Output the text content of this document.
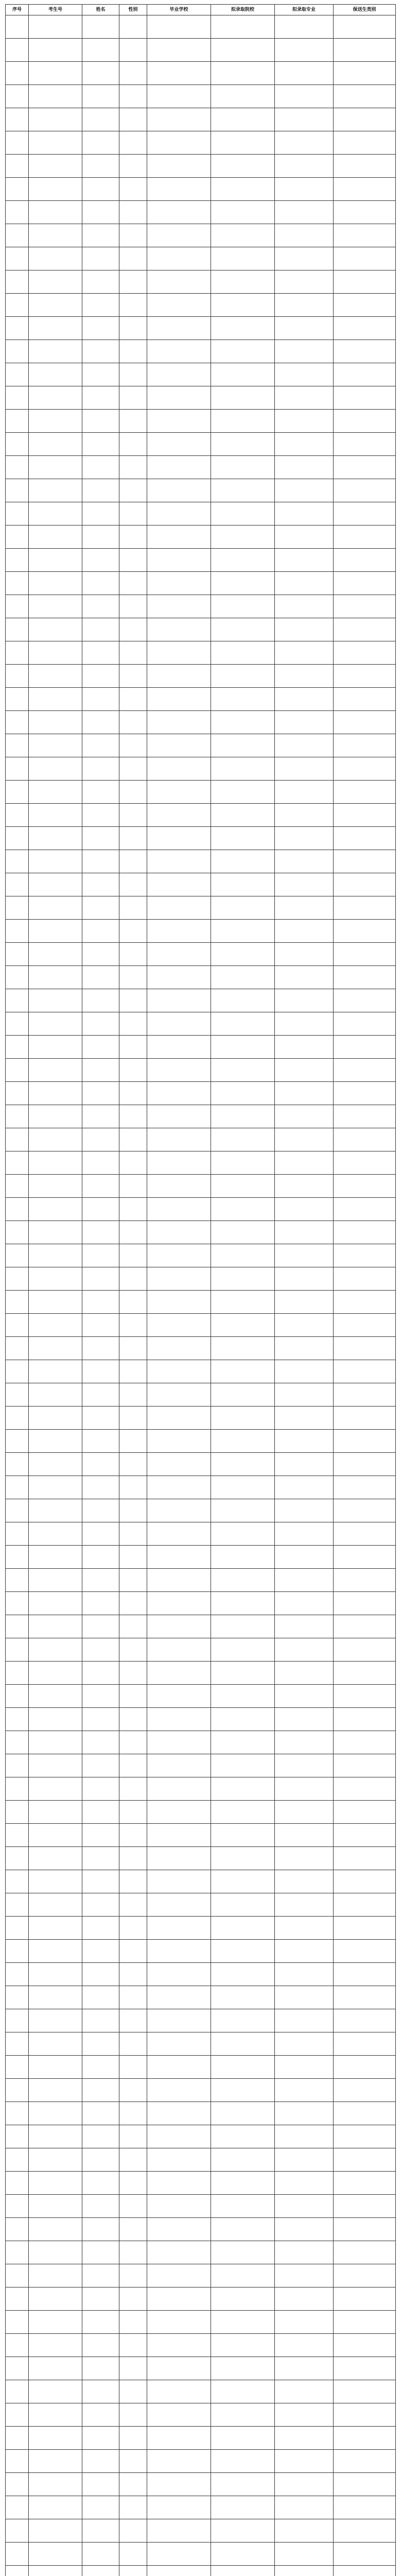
序号	考生号	姓名	性别	毕业学校	拟录取院校	拟录取专业	保送生类别
